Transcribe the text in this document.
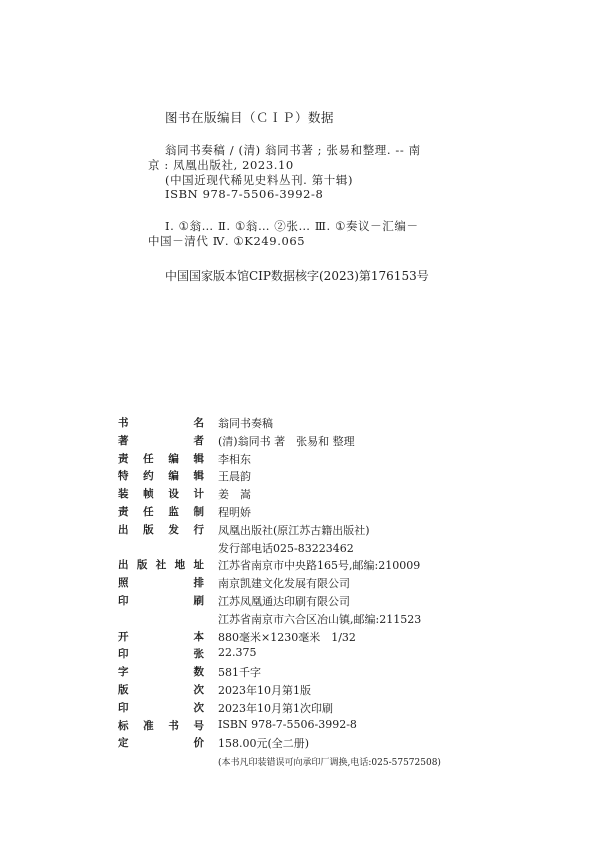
图书在版编目（ＣＩＰ）数据
翁同书奏稿 / (清) 翁同书著 ; 张易和整理. -- 南
京 : 凤凰出版社, 2023.10
(中国近现代稀见史料丛刊. 第十辑)
ISBN 978-7-5506-3992-8
Ⅰ. ①翁… Ⅱ. ①翁… ②张… Ⅲ. ①奏议－汇编－
中国－清代 Ⅳ. ①K249.065
中国国家版本馆CIP数据核字(2023)第176153号
书	名 翁同书奏稿
著	者 (清)翁同书 著　张易和 整理
责 任 编 辑 李相东
特 约 编 辑 王晨韵
装 帧 设 计 姜　嵩
责 任 监 制 程明娇
出 版 发 行 凤凰出版社(原江苏古籍出版社)
发行部电话025-83223462
出 版 社 地 址 江苏省南京市中央路165号,邮编:210009
照	排 南京凯建文化发展有限公司
印	刷 江苏凤凰通达印刷有限公司
江苏省南京市六合区冶山镇,邮编:211523
开	本 880毫米×1230毫米　1/32
印	张 22.375
字	数 581千字
版	次 2023年10月第1版
印	次 2023年10月第1次印刷
标 准 书 号 ISBN 978-7-5506-3992-8
定	价 158.00元(全二册)
(本书凡印装错误可向承印厂调换,电话:025-57572508)
